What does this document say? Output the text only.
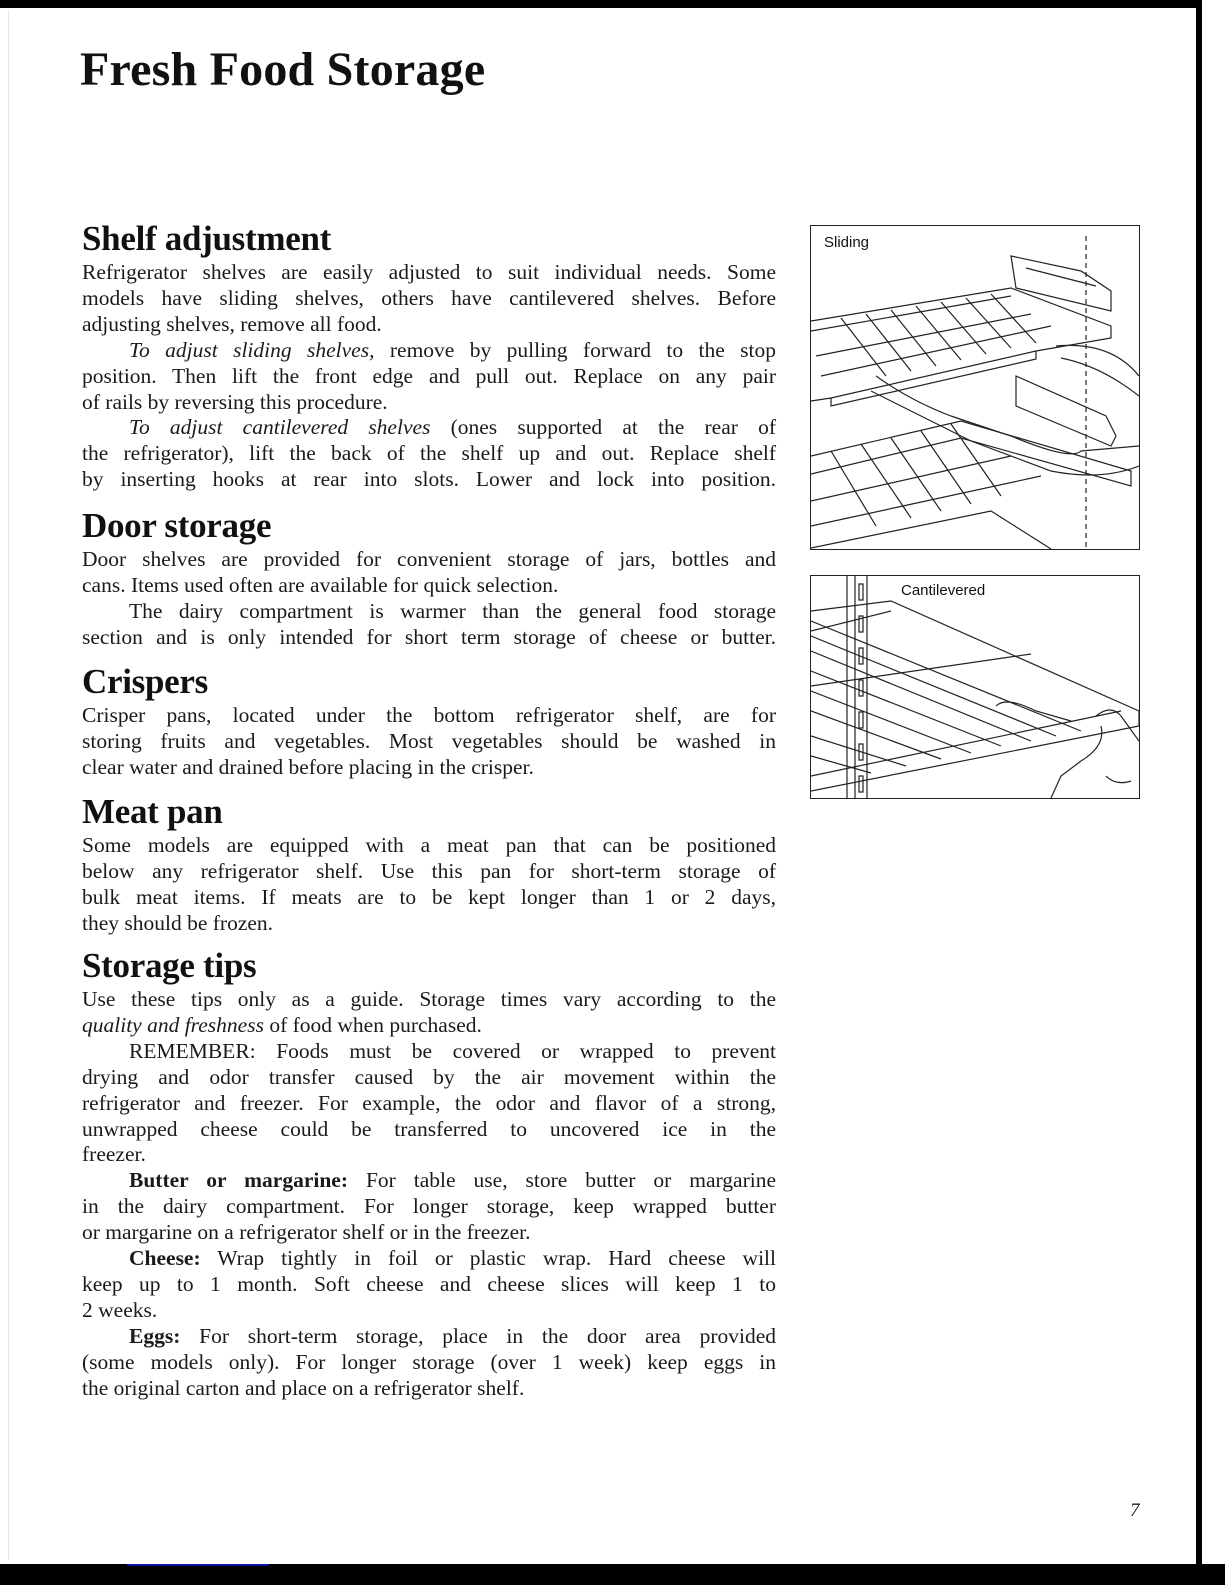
Fresh Food Storage
Shelf adjustment
Refrigerator shelves are easily adjusted to suit individual needs. Some
models have sliding shelves, others have cantilevered shelves. Before
adjusting shelves, remove all food.
To adjust sliding shelves, remove by pulling forward to the stop
position. Then lift the front edge and pull out. Replace on any pair
of rails by reversing this procedure.
To adjust cantilevered shelves (ones supported at the rear of
the refrigerator), lift the back of the shelf up and out. Replace shelf
by inserting hooks at rear into slots. Lower and lock into position.
Door storage
Door shelves are provided for convenient storage of jars, bottles and
cans. Items used often are available for quick selection.
The dairy compartment is warmer than the general food storage
section and is only intended for short term storage of cheese or butter.
Crispers
Crisper pans, located under the bottom refrigerator shelf, are for
storing fruits and vegetables. Most vegetables should be washed in
clear water and drained before placing in the crisper.
Meat pan
Some models are equipped with a meat pan that can be positioned
below any refrigerator shelf. Use this pan for short-term storage of
bulk meat items. If meats are to be kept longer than 1 or 2 days,
they should be frozen.
Storage tips
Use these tips only as a guide. Storage times vary according to the
quality and freshness of food when purchased.
REMEMBER: Foods must be covered or wrapped to prevent
drying and odor transfer caused by the air movement within the
refrigerator and freezer. For example, the odor and flavor of a strong,
unwrapped cheese could be transferred to uncovered ice in the
freezer.
Butter or margarine: For table use, store butter or margarine
in the dairy compartment. For longer storage, keep wrapped butter
or margarine on a refrigerator shelf or in the freezer.
Cheese: Wrap tightly in foil or plastic wrap. Hard cheese will
keep up to 1 month. Soft cheese and cheese slices will keep 1 to
2 weeks.
Eggs: For short-term storage, place in the door area provided
(some models only). For longer storage (over 1 week) keep eggs in
the original carton and place on a refrigerator shelf.
Sliding
Cantilevered
7
